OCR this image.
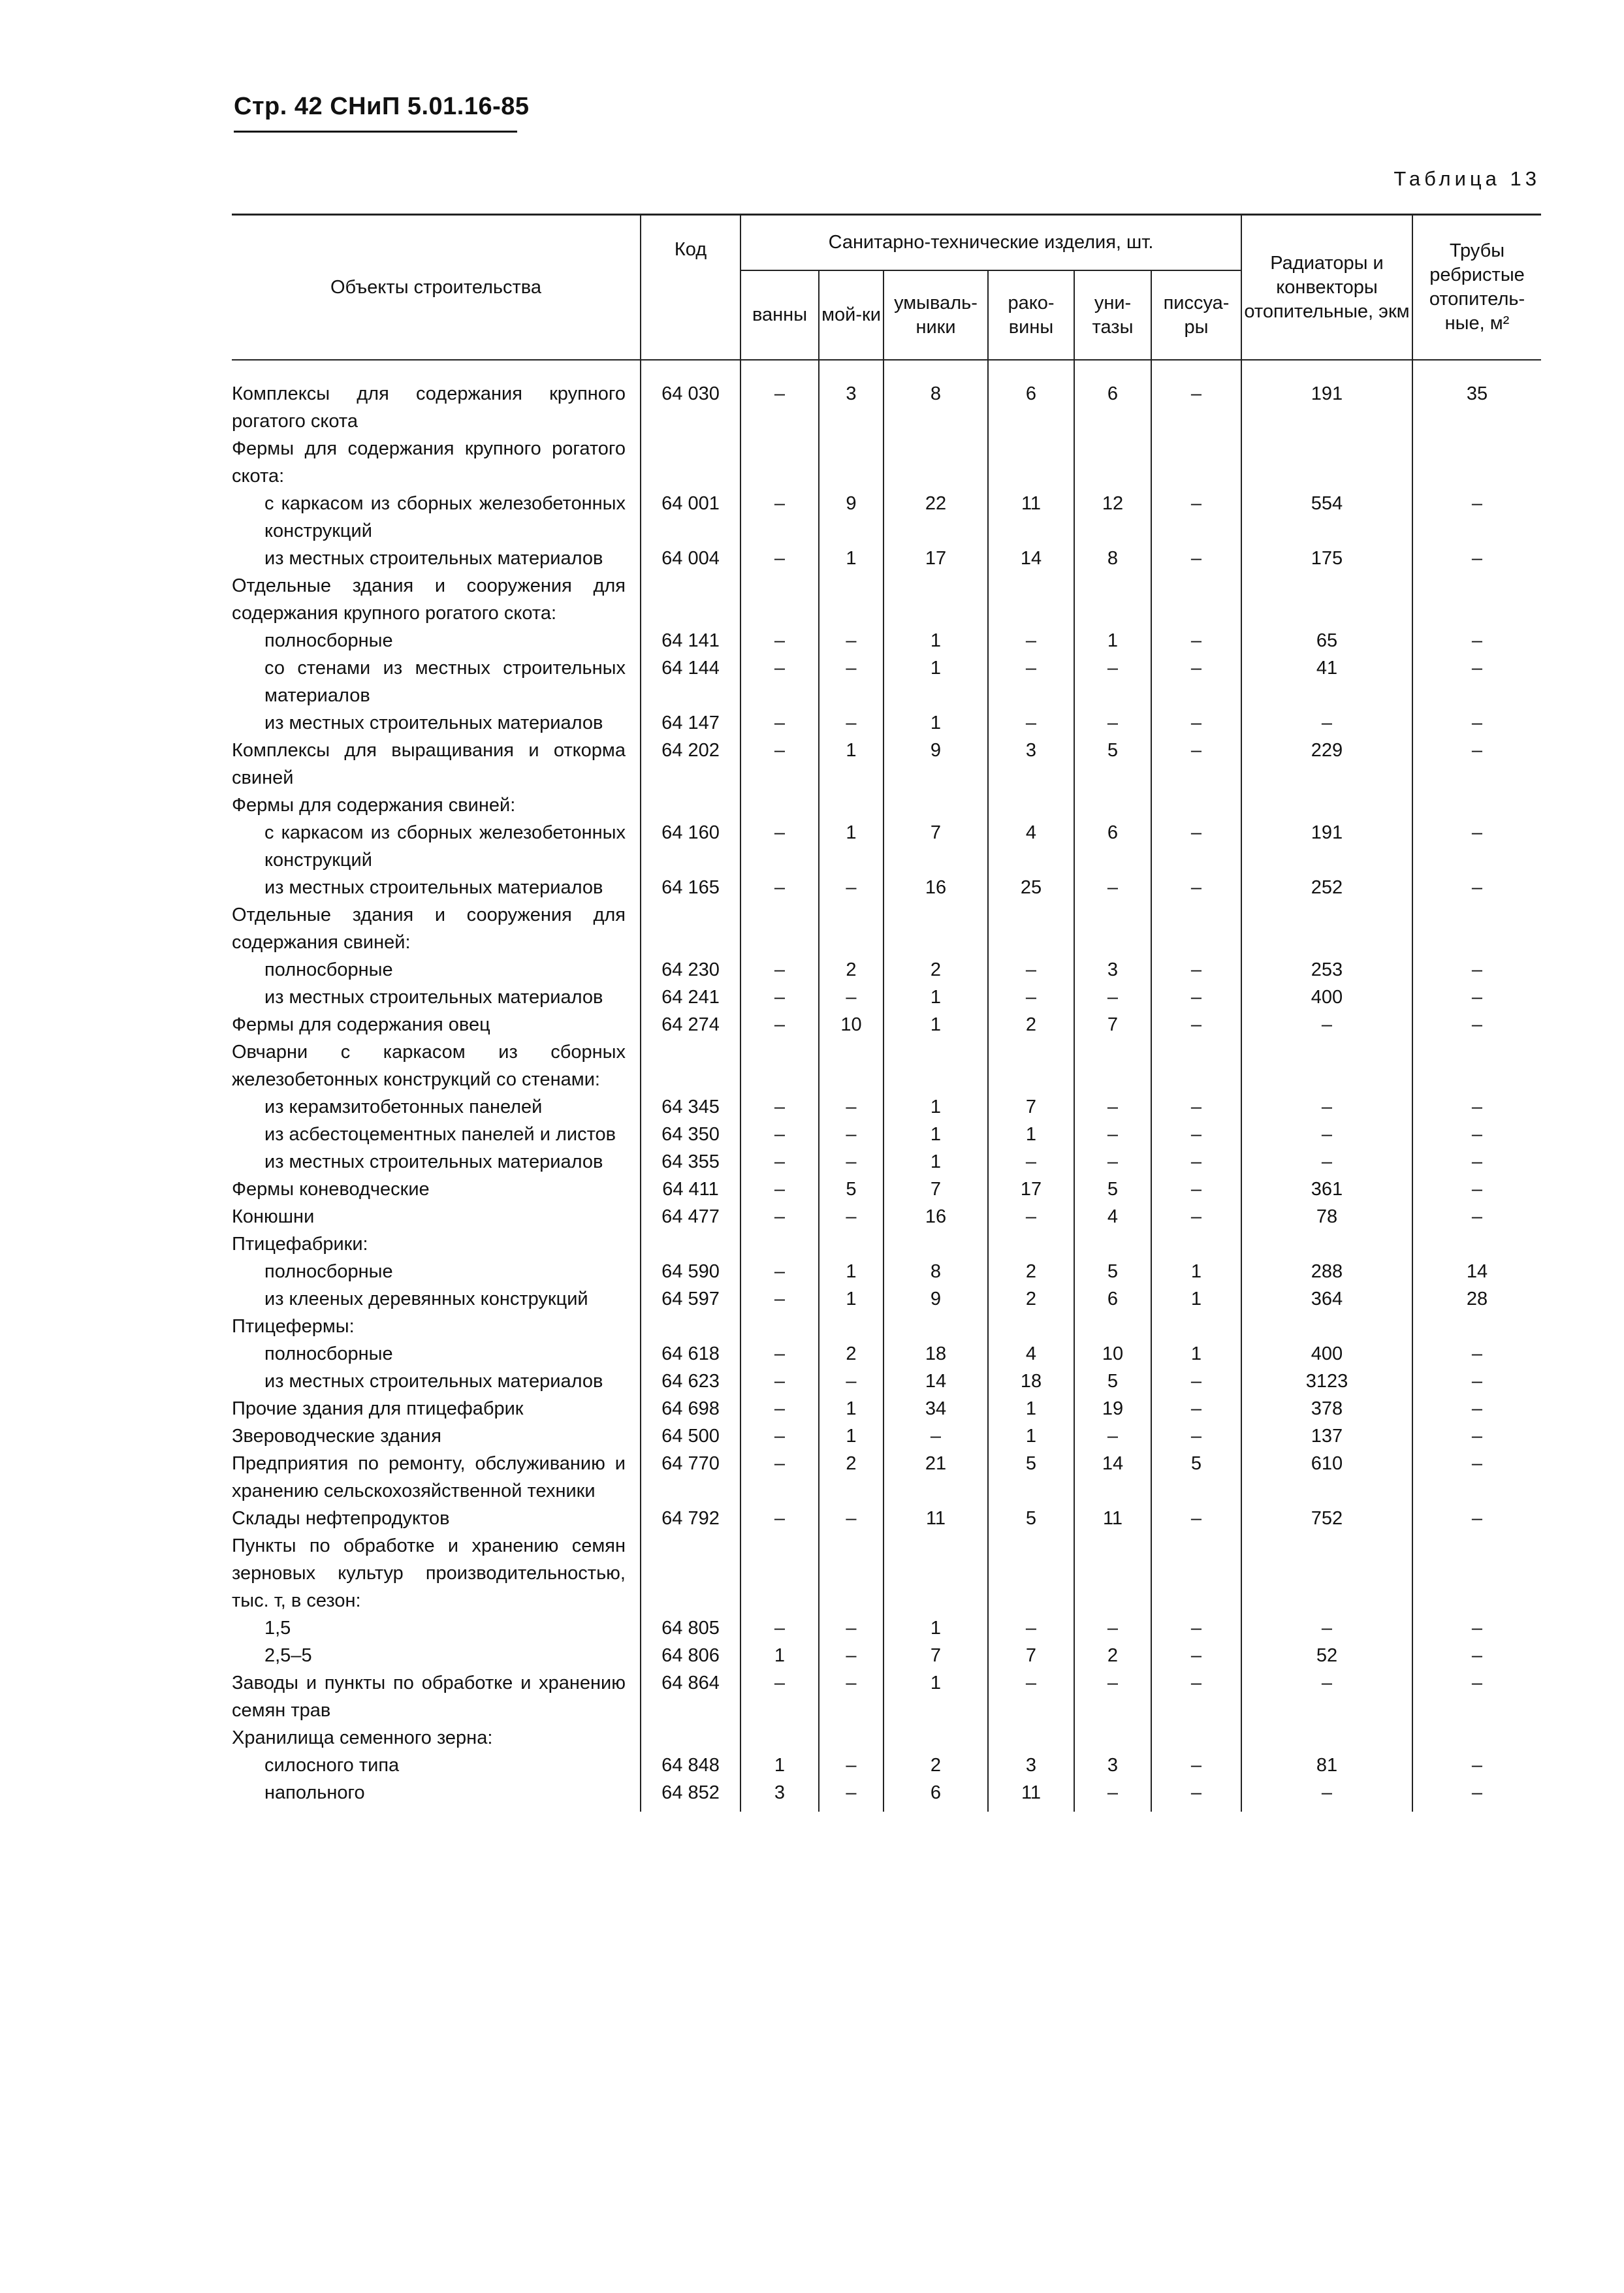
Стр. 42 СНиП 5.01.16-85
Таблица 13
Объекты строительства	Код	Санитарно-технические изделия, шт.						Радиаторы и конвекторы отопительные, экм	Трубы ребристые отопитель-ные, м²
		ванны	мой-ки	умываль-ники	рако-вины	уни-тазы	писсуа-ры		

Комплексы для содержания крупного рогатого скота	64 030	–	3	8	6	6	–	191	35
Фермы для содержания крупного рогатого скота:									
с каркасом из сборных железобетонных конструкций	64 001	–	9	22	11	12	–	554	–
из местных строительных материалов	64 004	–	1	17	14	8	–	175	–
Отдельные здания и сооружения для содержания крупного рогатого скота:									
полносборные	64 141	–	–	1	–	1	–	65	–
со стенами из местных строительных материалов	64 144	–	–	1	–	–	–	41	–
из местных строительных материалов	64 147	–	–	1	–	–	–	–	–
Комплексы для выращивания и откорма свиней	64 202	–	1	9	3	5	–	229	–
Фермы для содержания свиней:									
с каркасом из сборных железобетонных конструкций	64 160	–	1	7	4	6	–	191	–
из местных строительных материалов	64 165	–	–	16	25	–	–	252	–
Отдельные здания и сооружения для содержания свиней:									
полносборные	64 230	–	2	2	–	3	–	253	–
из местных строительных материалов	64 241	–	–	1	–	–	–	400	–
Фермы для содержания овец	64 274	–	10	1	2	7	–	–	–
Овчарни с каркасом из сборных железобетонных конструкций со стенами:									
из керамзитобетонных панелей	64 345	–	–	1	7	–	–	–	–
из асбестоцементных панелей и листов	64 350	–	–	1	1	–	–	–	–
из местных строительных материалов	64 355	–	–	1	–	–	–	–	–
Фермы коневодческие	64 411	–	5	7	17	5	–	361	–
Конюшни	64 477	–	–	16	–	4	–	78	–
Птицефабрики:									
полносборные	64 590	–	1	8	2	5	1	288	14
из клееных деревянных конструкций	64 597	–	1	9	2	6	1	364	28
Птицефермы:									
полносборные	64 618	–	2	18	4	10	1	400	–
из местных строительных материалов	64 623	–	–	14	18	5	–	3123	–
Прочие здания для птицефабрик	64 698	–	1	34	1	19	–	378	–
Звероводческие здания	64 500	–	1	–	1	–	–	137	–
Предприятия по ремонту, обслуживанию и хранению сельскохозяйственной техники	64 770	–	2	21	5	14	5	610	–
Склады нефтепродуктов	64 792	–	–	11	5	11	–	752	–
Пункты по обработке и хранению семян зерновых культур производительностью, тыс. т, в сезон:									
1,5	64 805	–	–	1	–	–	–	–	–
2,5–5	64 806	1	–	7	7	2	–	52	–
Заводы и пункты по обработке и хранению семян трав	64 864	–	–	1	–	–	–	–	–
Хранилища семенного зерна:									
силосного типа	64 848	1	–	2	3	3	–	81	–
напольного	64 852	3	–	6	11	–	–	–	–
